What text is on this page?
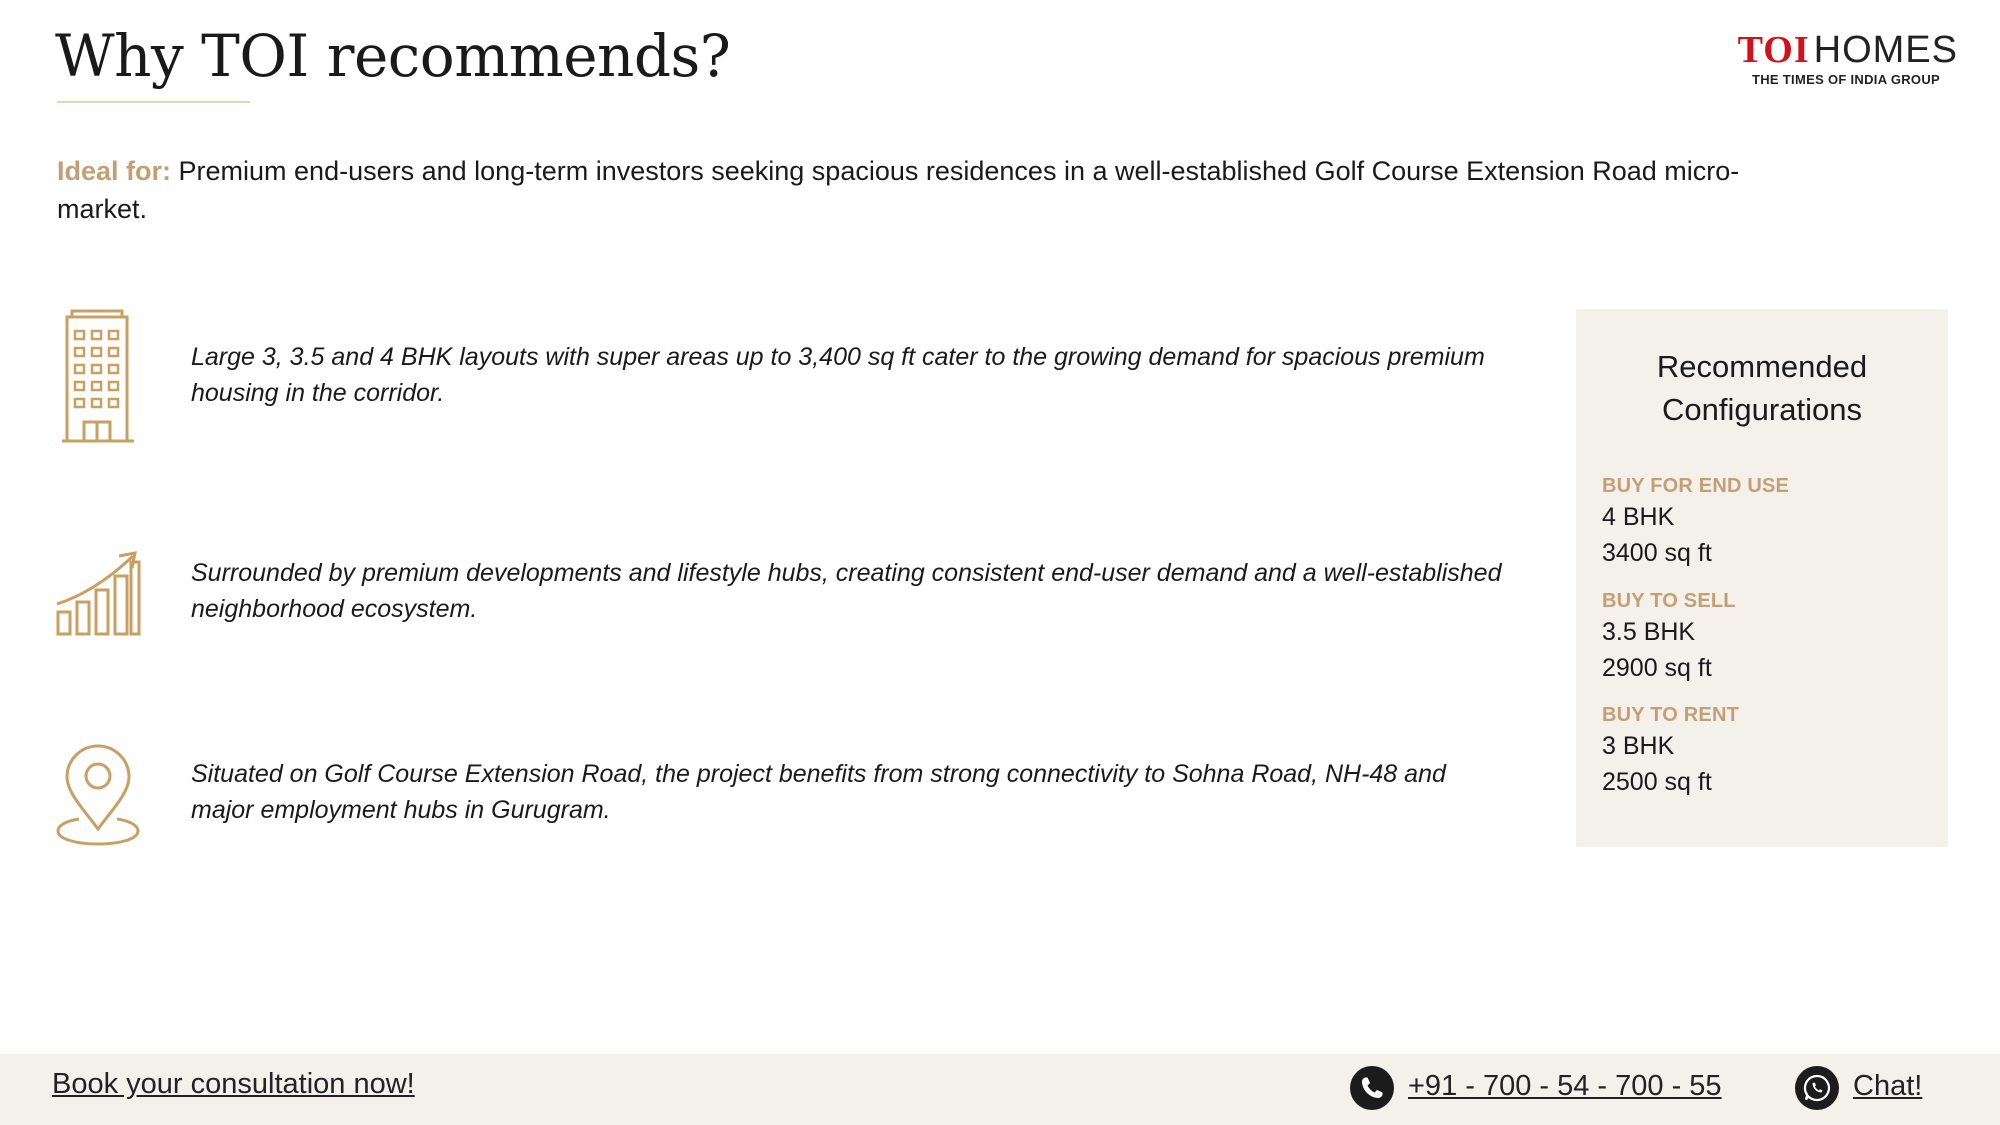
Why TOI recommends?	TOI HOMES
THE TIMES OF INDIA GROUP

Ideal for: Premium end-users and long-term investors seeking spacious residences in a well-established Golf Course Extension Road micro-market.

Large 3, 3.5 and 4 BHK layouts with super areas up to 3,400 sq ft cater to the growing demand for spacious premium housing in the corridor.

Surrounded by premium developments and lifestyle hubs, creating consistent end-user demand and a well-established neighborhood ecosystem.

Situated on Golf Course Extension Road, the project benefits from strong connectivity to Sohna Road, NH-48 and major employment hubs in Gurugram.

Recommended
Configurations
BUY FOR END USE
4 BHK
3400 sq ft
BUY TO SELL
3.5 BHK
2900 sq ft
BUY TO RENT
3 BHK
2500 sq ft
Book your consultation now!	+91 - 700 - 54 - 700 - 55	Chat!
